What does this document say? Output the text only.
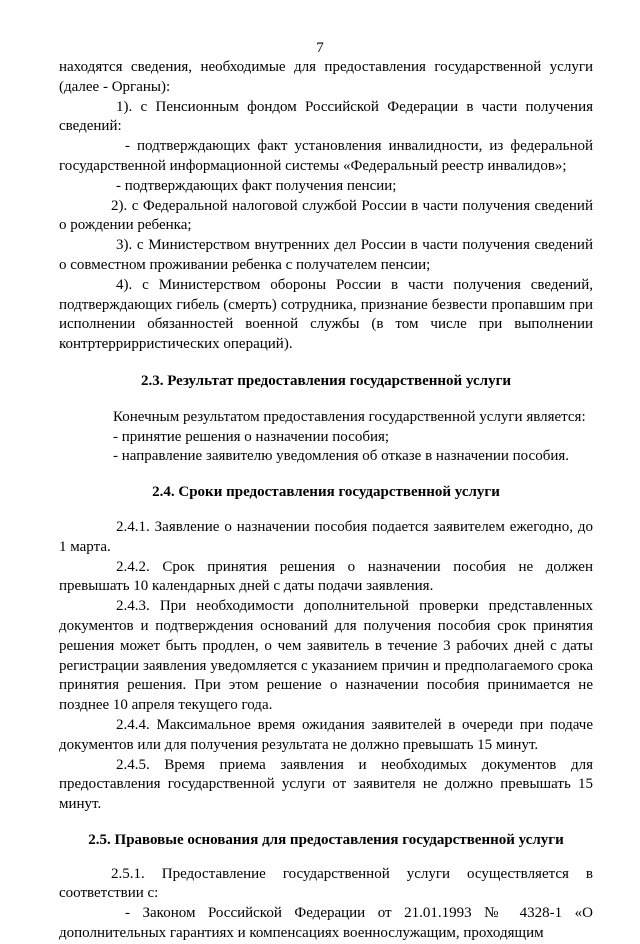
7

находятся сведения, необходимые для предоставления государственной услуги (далее - Органы):

1). с Пенсионным фондом Российской Федерации в части получения сведений:

- подтверждающих факт установления инвалидности, из федеральной государственной информационной системы «Федеральный реестр инвалидов»;

- подтверждающих факт получения пенсии;

2). с Федеральной налоговой службой России в части получения сведений о рождении ребенка;

3). с Министерством внутренних дел России в части получения сведений о совместном проживании ребенка с получателем пенсии;

4). с Министерством обороны России в части получения сведений, подтверждающих гибель (смерть) сотрудника, признание безвести пропавшим при исполнении обязанностей военной службы (в том числе при выполнении контртеррирристических операций).

2.3. Результат предоставления государственной услуги

Конечным результатом предоставления государственной услуги является:

- принятие решения о назначении пособия;

- направление заявителю уведомления об отказе в назначении пособия.

2.4. Сроки предоставления государственной услуги

2.4.1. Заявление о назначении пособия подается заявителем ежегодно, до 1 марта.

2.4.2. Срок принятия решения о назначении пособия не должен превышать 10 календарных дней с даты подачи заявления.

2.4.3. При необходимости дополнительной проверки представленных документов и подтверждения оснований для получения пособия срок принятия решения может быть продлен, о чем заявитель в течение 3 рабочих дней с даты регистрации заявления уведомляется с указанием причин и предполагаемого срока принятия решения. При этом решение о назначении пособия принимается не позднее 10 апреля текущего года.

2.4.4. Максимальное время ожидания заявителей в очереди при подаче документов или для получения результата не должно превышать 15 минут.

2.4.5. Время приема заявления и необходимых документов для предоставления государственной услуги от заявителя не должно превышать 15 минут.

2.5. Правовые основания для предоставления государственной услуги

2.5.1. Предоставление государственной услуги осуществляется в соответствии с:

- Законом Российской Федерации от 21.01.1993 № 4328-1 «О дополнительных гарантиях и компенсациях военнослужащим, проходящим
